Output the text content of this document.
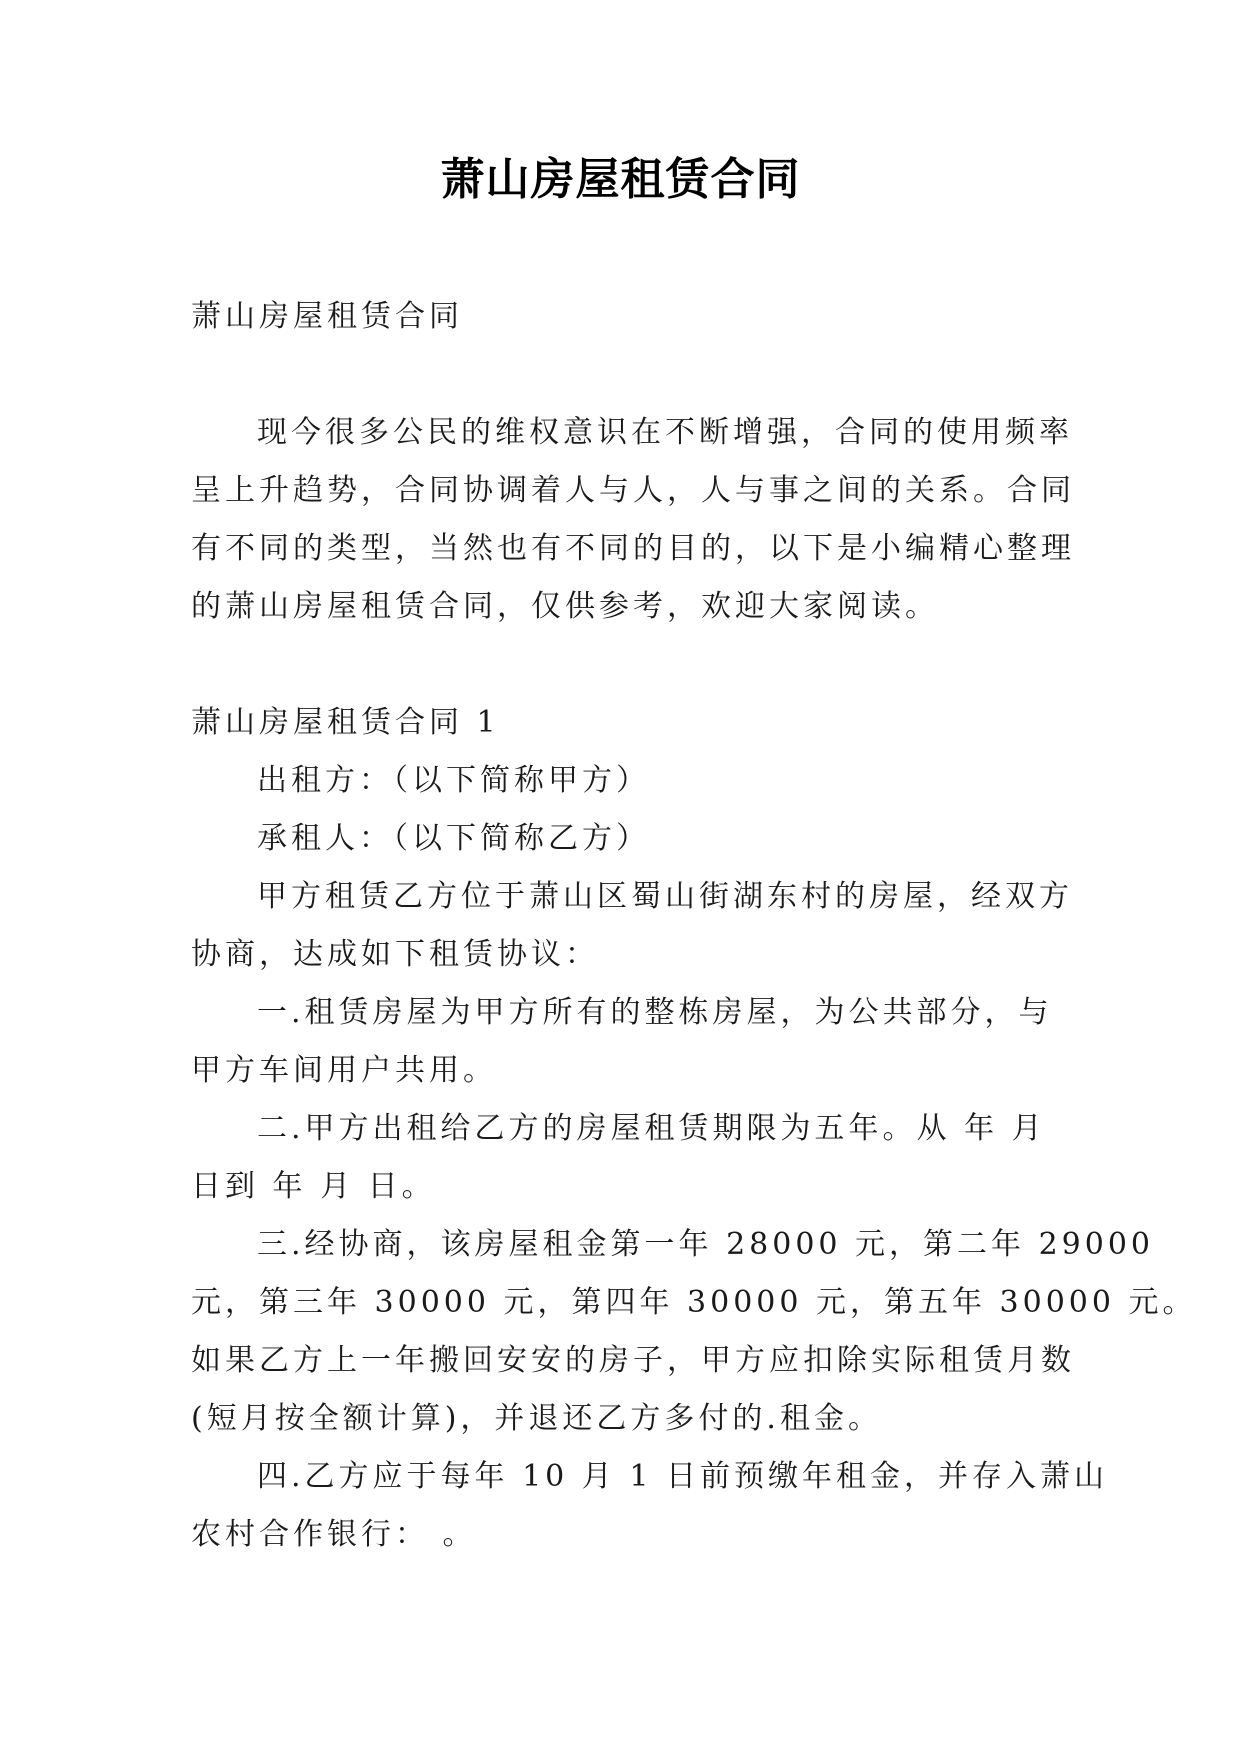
萧山房屋租赁合同

萧山房屋租赁合同

现今很多公民的维权意识在不断增强，合同的使用频率

呈上升趋势，合同协调着人与人，人与事之间的关系。合同

有不同的类型，当然也有不同的目的，以下是小编精心整理

的萧山房屋租赁合同，仅供参考，欢迎大家阅读。

萧山房屋租赁合同 1

出租方：（以下简称甲方）

承租人：（以下简称乙方）

甲方租赁乙方位于萧山区蜀山街湖东村的房屋，经双方

协商，达成如下租赁协议：

一.租赁房屋为甲方所有的整栋房屋，为公共部分，与

甲方车间用户共用。

二.甲方出租给乙方的房屋租赁期限为五年。从 年 月

日到 年 月 日。

三.经协商，该房屋租金第一年 28000 元，第二年 29000

元，第三年 30000 元，第四年 30000 元，第五年 30000 元。

如果乙方上一年搬回安安的房子，甲方应扣除实际租赁月数

(短月按全额计算)，并退还乙方多付的.租金。

四.乙方应于每年 10 月 1 日前预缴年租金，并存入萧山

农村合作银行： 。
